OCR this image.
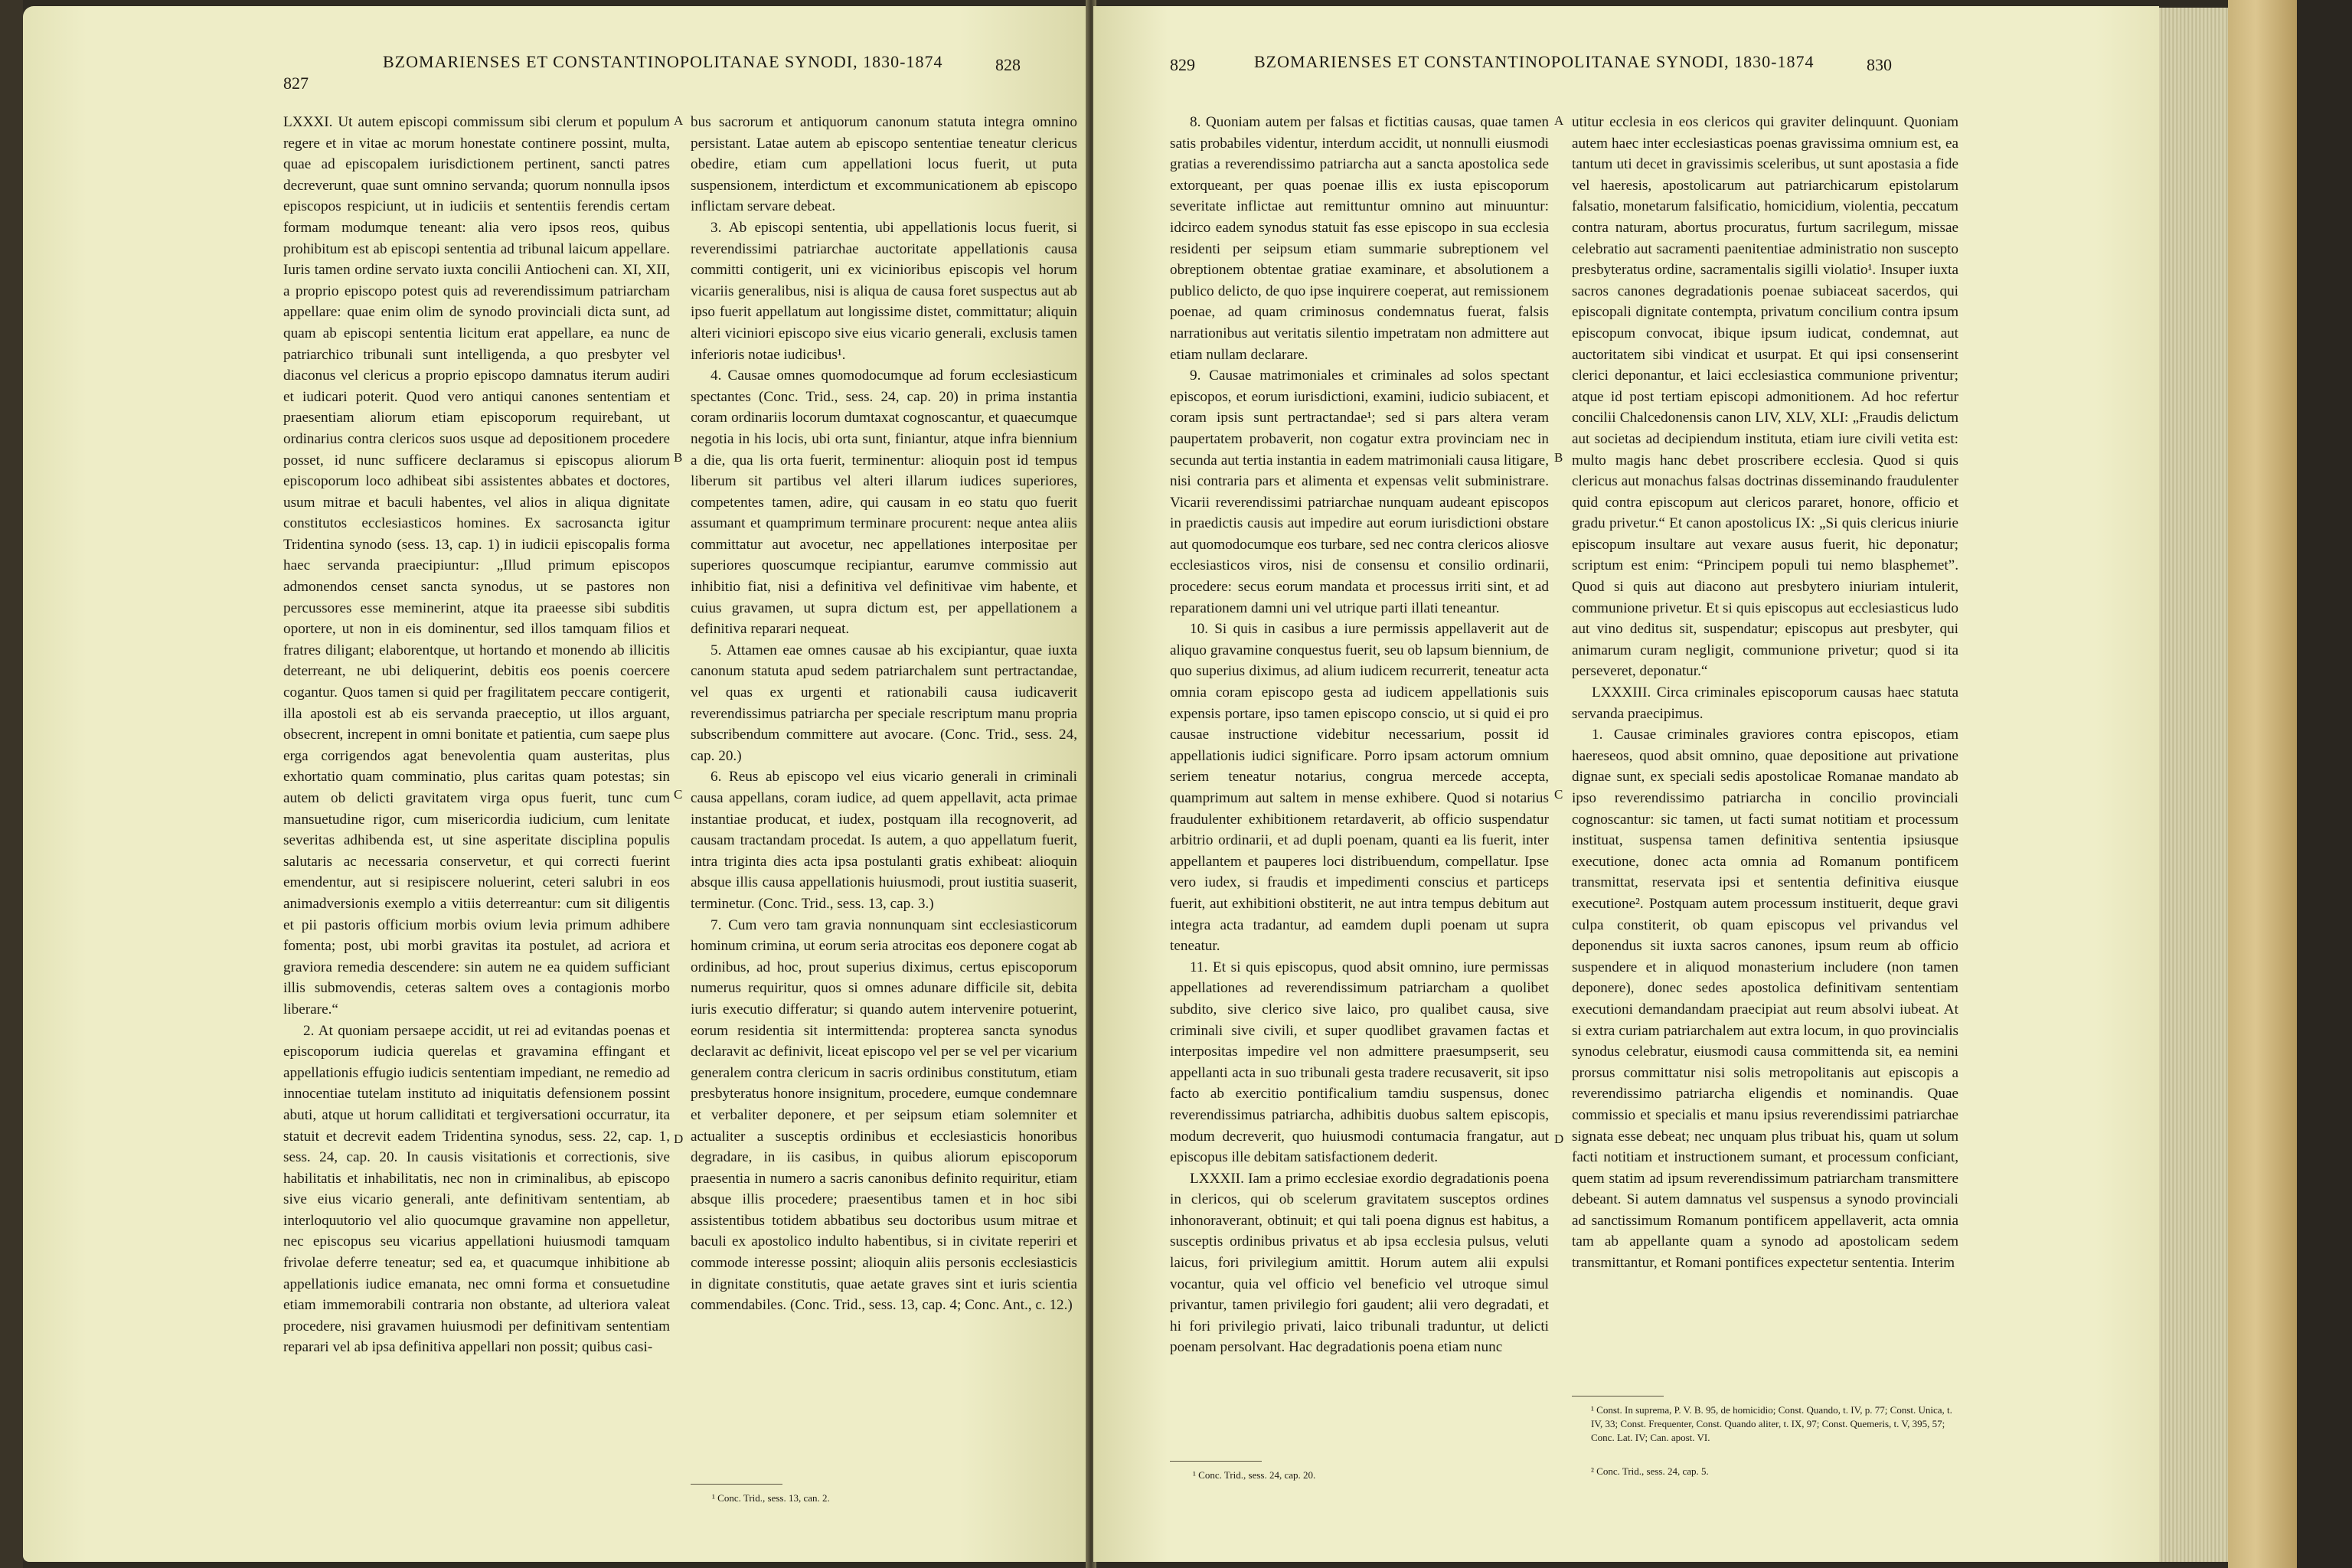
827
BZOMARIENSES ET CONSTANTINOPOLITANAE SYNODI, 1830-1874	828

LXXXI. Ut autem episcopi commissum sibi clerum et populum regere et in vitae ac morum honestate continere possint, multa, quae ad episcopalem iurisdictionem pertinent, sancti patres decreverunt, quae sunt omnino servanda; quorum nonnulla ipsos episcopos respiciunt, ut in iudiciis et sententiis ferendis certam formam modumque teneant: alia vero ipsos reos, quibus prohibitum est ab episcopi sententia ad tribunal laicum appellare. Iuris tamen ordine servato iuxta concilii Antiocheni can. XI, XII, a proprio episcopo potest quis ad reverendissimum patriarcham appellare: quae enim olim de synodo provinciali dicta sunt, ad quam ab episcopi sententia licitum erat appellare, ea nunc de patriarchico tribunali sunt intelligenda, a quo presbyter vel diaconus vel clericus a proprio episcopo damnatus iterum audiri et iudicari poterit. Quod vero antiqui canones sententiam et praesentiam aliorum etiam episcoporum requirebant, ut ordinarius contra clericos suos usque ad depositionem procedere posset, id nunc sufficere declaramus si episcopus aliorum episcoporum loco adhibeat sibi assistentes abbates et doctores, usum mitrae et baculi habentes, vel alios in aliqua dignitate constitutos ecclesiasticos homines. Ex sacrosancta igitur Tridentina synodo (sess. 13, cap. 1) in iudicii episcopalis forma haec servanda praecipiuntur: „Illud primum episcopos admonendos censet sancta synodus, ut se pastores non percussores esse meminerint, atque ita praeesse sibi subditis oportere, ut non in eis dominentur, sed illos tamquam filios et fratres diligant; elaborentque, ut hortando et monendo ab illicitis deterreant, ne ubi deliquerint, debitis eos poenis coercere cogantur. Quos tamen si quid per fragilitatem peccare contigerit, illa apostoli est ab eis servanda praeceptio, ut illos arguant, obsecrent, increpent in omni bonitate et patientia, cum saepe plus erga corrigendos agat benevolentia quam austeritas, plus exhortatio quam comminatio, plus caritas quam potestas; sin autem ob delicti gravitatem virga opus fuerit, tunc cum mansuetudine rigor, cum misericordia iudicium, cum lenitate severitas adhibenda est, ut sine asperitate disciplina populis salutaris ac necessaria conservetur, et qui correcti fuerint emendentur, aut si resipiscere noluerint, ceteri salubri in eos animadversionis exemplo a vitiis deterreantur: cum sit diligentis et pii pastoris officium morbis ovium levia primum adhibere fomenta; post, ubi morbi gravitas ita postulet, ad acriora et graviora remedia descendere: sin autem ne ea quidem sufficiant illis submovendis, ceteras saltem oves a contagionis morbo liberare.“

2. At quoniam persaepe accidit, ut rei ad evitandas poenas et episcoporum iudicia querelas et gravamina effingant et appellationis effugio iudicis sententiam impediant, ne remedio ad innocentiae tutelam instituto ad iniquitatis defensionem possint abuti, atque ut horum calliditati et tergiversationi occurratur, ita statuit et decrevit eadem Tridentina synodus, sess. 22, cap. 1, sess. 24, cap. 20. In causis visitationis et correctionis, sive habilitatis et inhabilitatis, nec non in criminalibus, ab episcopo sive eius vicario generali, ante definitivam sententiam, ab interloquutorio vel alio quocumque gravamine non appelletur, nec episcopus seu vicarius appellationi huiusmodi tamquam frivolae deferre teneatur; sed ea, et quacumque inhibitione ab appellationis iudice emanata, nec omni forma et consuetudine etiam immemorabili contraria non obstante, ad ulteriora valeat procedere, nisi gravamen huiusmodi per definitivam sententiam reparari vel ab ipsa definitiva appellari non possit; quibus casi-

A
B
C
D

bus sacrorum et antiquorum canonum statuta integra omnino persistant. Latae autem ab episcopo sententiae teneatur clericus obedire, etiam cum appellationi locus fuerit, ut puta suspensionem, interdictum et excommunicationem ab episcopo inflictam servare debeat.

3. Ab episcopi sententia, ubi appellationis locus fuerit, si reverendissimi patriarchae auctoritate appellationis causa committi contigerit, uni ex vicinioribus episcopis vel horum vicariis generalibus, nisi is aliqua de causa foret suspectus aut ab ipso fuerit appellatum aut longissime distet, committatur; aliquin alteri viciniori episcopo sive eius vicario generali, exclusis tamen inferioris notae iudicibus¹.

4. Causae omnes quomodocumque ad forum ecclesiasticum spectantes (Conc. Trid., sess. 24, cap. 20) in prima instantia coram ordinariis locorum dumtaxat cognoscantur, et quaecumque negotia in his locis, ubi orta sunt, finiantur, atque infra biennium a die, qua lis orta fuerit, terminentur: alioquin post id tempus liberum sit partibus vel alteri illarum iudices superiores, competentes tamen, adire, qui causam in eo statu quo fuerit assumant et quamprimum terminare procurent: neque antea aliis committatur aut avocetur, nec appellationes interpositae per superiores quoscumque recipiantur, earumve commissio aut inhibitio fiat, nisi a definitiva vel definitivae vim habente, et cuius gravamen, ut supra dictum est, per appellationem a definitiva reparari nequeat.

5. Attamen eae omnes causae ab his excipiantur, quae iuxta canonum statuta apud sedem patriarchalem sunt pertractandae, vel quas ex urgenti et rationabili causa iudicaverit reverendissimus patriarcha per speciale rescriptum manu propria subscribendum committere aut avocare. (Conc. Trid., sess. 24, cap. 20.)

6. Reus ab episcopo vel eius vicario generali in criminali causa appellans, coram iudice, ad quem appellavit, acta primae instantiae producat, et iudex, postquam illa recognoverit, ad causam tractandam procedat. Is autem, a quo appellatum fuerit, intra triginta dies acta ipsa postulanti gratis exhibeat: alioquin absque illis causa appellationis huiusmodi, prout iustitia suaserit, terminetur. (Conc. Trid., sess. 13, cap. 3.)

7. Cum vero tam gravia nonnunquam sint ecclesiasticorum hominum crimina, ut eorum seria atrocitas eos deponere cogat ab ordinibus, ad hoc, prout superius diximus, certus episcoporum numerus requiritur, quos si omnes adunare difficile sit, debita iuris executio differatur; si quando autem intervenire potuerint, eorum residentia sit intermittenda: propterea sancta synodus declaravit ac definivit, liceat episcopo vel per se vel per vicarium generalem contra clericum in sacris ordinibus constitutum, etiam presbyteratus honore insignitum, procedere, eumque condemnare et verbaliter deponere, et per seipsum etiam solemniter et actualiter a susceptis ordinibus et ecclesiasticis honoribus degradare, in iis casibus, in quibus aliorum episcoporum praesentia in numero a sacris canonibus definito requiritur, etiam absque illis procedere; praesentibus tamen et in hoc sibi assistentibus totidem abbatibus seu doctoribus usum mitrae et baculi ex apostolico indulto habentibus, si in civitate reperiri et commode interesse possint; alioquin aliis personis ecclesiasticis in dignitate constitutis, quae aetate graves sint et iuris scientia commendabiles. (Conc. Trid., sess. 13, cap. 4; Conc. Ant., c. 12.)

¹ Conc. Trid., sess. 13, can. 2.
829	BZOMARIENSES ET CONSTANTINOPOLITANAE SYNODI, 1830-1874	830

8. Quoniam autem per falsas et fictitias causas, quae tamen satis probabiles videntur, interdum accidit, ut nonnulli eiusmodi gratias a reverendissimo patriarcha aut a sancta apostolica sede extorqueant, per quas poenae illis ex iusta episcoporum severitate inflictae aut remittuntur omnino aut minuuntur: idcirco eadem synodus statuit fas esse episcopo in sua ecclesia residenti per seipsum etiam summarie subreptionem vel obreptionem obtentae gratiae examinare, et absolutionem a publico delicto, de quo ipse inquirere coeperat, aut remissionem poenae, ad quam criminosus condemnatus fuerat, falsis narrationibus aut veritatis silentio impetratam non admittere aut etiam nullam declarare.

9. Causae matrimoniales et criminales ad solos spectant episcopos, et eorum iurisdictioni, examini, iudicio subiacent, et coram ipsis sunt pertractandae¹; sed si pars altera veram paupertatem probaverit, non cogatur extra provinciam nec in secunda aut tertia instantia in eadem matrimoniali causa litigare, nisi contraria pars et alimenta et expensas velit subministrare. Vicarii reverendissimi patriarchae nunquam audeant episcopos in praedictis causis aut impedire aut eorum iurisdictioni obstare aut quomodocumque eos turbare, sed nec contra clericos aliosve ecclesiasticos viros, nisi de consensu et consilio ordinarii, procedere: secus eorum mandata et processus irriti sint, et ad reparationem damni uni vel utrique parti illati teneantur.

10. Si quis in casibus a iure permissis appellaverit aut de aliquo gravamine conquestus fuerit, seu ob lapsum biennium, de quo superius diximus, ad alium iudicem recurrerit, teneatur acta omnia coram episcopo gesta ad iudicem appellationis suis expensis portare, ipso tamen episcopo conscio, ut si quid ei pro causae instructione videbitur necessarium, possit id appellationis iudici significare. Porro ipsam actorum omnium seriem teneatur notarius, congrua mercede accepta, quamprimum aut saltem in mense exhibere. Quod si notarius fraudulenter exhibitionem retardaverit, ab officio suspendatur arbitrio ordinarii, et ad dupli poenam, quanti ea lis fuerit, inter appellantem et pauperes loci distribuendum, compellatur. Ipse vero iudex, si fraudis et impedimenti conscius et particeps fuerit, aut exhibitioni obstiterit, ne aut intra tempus debitum aut integra acta tradantur, ad eamdem dupli poenam ut supra teneatur.

11. Et si quis episcopus, quod absit omnino, iure permissas appellationes ad reverendissimum patriarcham a quolibet subdito, sive clerico sive laico, pro qualibet causa, sive criminali sive civili, et super quodlibet gravamen factas et interpositas impedire vel non admittere praesumpserit, seu appellanti acta in suo tribunali gesta tradere recusaverit, sit ipso facto ab exercitio pontificalium tamdiu suspensus, donec reverendissimus patriarcha, adhibitis duobus saltem episcopis, modum decreverit, quo huiusmodi contumacia frangatur, aut episcopus ille debitam satisfactionem dederit.

LXXXII. Iam a primo ecclesiae exordio degradationis poena in clericos, qui ob scelerum gravitatem susceptos ordines inhonoraverant, obtinuit; et qui tali poena dignus est habitus, a susceptis ordinibus privatus et ab ipsa ecclesia pulsus, veluti laicus, fori privilegium amittit. Horum autem alii expulsi vocantur, quia vel officio vel beneficio vel utroque simul privantur, tamen privilegio fori gaudent; alii vero degradati, et hi fori privilegio privati, laico tribunali traduntur, ut delicti poenam persolvant. Hac degradationis poena etiam nunc

¹ Conc. Trid., sess. 24, cap. 20.
A
B
C
D

utitur ecclesia in eos clericos qui graviter delinquunt. Quoniam autem haec inter ecclesiasticas poenas gravissima omnium est, ea tantum uti decet in gravissimis sceleribus, ut sunt apostasia a fide vel haeresis, apostolicarum aut patriarchicarum epistolarum falsatio, monetarum falsificatio, homicidium, violentia, peccatum contra naturam, abortus procuratus, furtum sacrilegum, missae celebratio aut sacramenti paenitentiae administratio non suscepto presbyteratus ordine, sacramentalis sigilli violatio¹. Insuper iuxta sacros canones degradationis poenae subiaceat sacerdos, qui episcopali dignitate contempta, privatum concilium contra ipsum episcopum convocat, ibique ipsum iudicat, condemnat, aut auctoritatem sibi vindicat et usurpat. Et qui ipsi consenserint clerici deponantur, et laici ecclesiastica communione priventur; atque id post tertiam episcopi admonitionem. Ad hoc refertur concilii Chalcedonensis canon LIV, XLV, XLI: „Fraudis delictum aut societas ad decipiendum instituta, etiam iure civili vetita est: multo magis hanc debet proscribere ecclesia. Quod si quis clericus aut monachus falsas doctrinas disseminando fraudulenter quid contra episcopum aut clericos pararet, honore, officio et gradu privetur.“ Et canon apostolicus IX: „Si quis clericus iniurie episcopum insultare aut vexare ausus fuerit, hic deponatur; scriptum est enim: “Principem populi tui nemo blasphemet”. Quod si quis aut diacono aut presbytero iniuriam intulerit, communione privetur. Et si quis episcopus aut ecclesiasticus ludo aut vino deditus sit, suspendatur; episcopus aut presbyter, qui animarum curam negligit, communione privetur; quod si ita perseveret, deponatur.“

LXXXIII. Circa criminales episcoporum causas haec statuta servanda praecipimus.

1. Causae criminales graviores contra episcopos, etiam haereseos, quod absit omnino, quae depositione aut privatione dignae sunt, ex speciali sedis apostolicae Romanae mandato ab ipso reverendissimo patriarcha in concilio provinciali cognoscantur: sic tamen, ut facti sumat notitiam et processum instituat, suspensa tamen definitiva sententia ipsiusque executione, donec acta omnia ad Romanum pontificem transmittat, reservata ipsi et sententia definitiva eiusque executione². Postquam autem processum instituerit, deque gravi culpa constiterit, ob quam episcopus vel privandus vel deponendus sit iuxta sacros canones, ipsum reum ab officio suspendere et in aliquod monasterium includere (non tamen deponere), donec sedes apostolica definitivam sententiam executioni demandandam praecipiat aut reum absolvi iubeat. At si extra curiam patriarchalem aut extra locum, in quo provincialis synodus celebratur, eiusmodi causa committenda sit, ea nemini prorsus committatur nisi solis metropolitanis aut episcopis a reverendissimo patriarcha eligendis et nominandis. Quae commissio et specialis et manu ipsius reverendissimi patriarchae signata esse debeat; nec unquam plus tribuat his, quam ut solum facti notitiam et instructionem sumant, et processum conficiant, quem statim ad ipsum reverendissimum patriarcham transmittere debeant. Si autem damnatus vel suspensus a synodo provinciali ad sanctissimum Romanum pontificem appellaverit, acta omnia tam ab appellante quam a synodo ad apostolicam sedem transmittantur, et Romani pontifices expectetur sententia. Interim

¹ Const. In suprema, P. V. B. 95, de homicidio; Const. Quando, t. IV, p. 77; Const. Unica, t. IV, 33; Const. Frequenter, Const. Quando aliter, t. IX, 97; Const. Quemeris, t. V, 395, 57; Conc. Lat. IV; Can. apost. VI.
² Conc. Trid., sess. 24, cap. 5.
